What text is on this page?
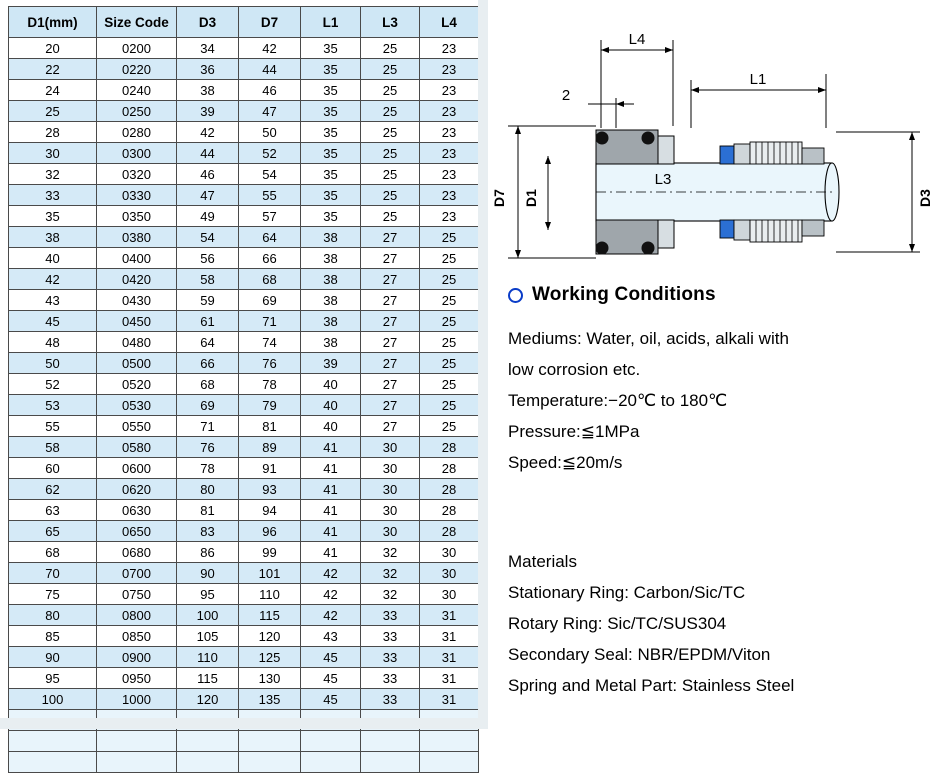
D1(mm)	Size Code	D3	D7	L1	L3	L4
20	0200	34	42	35	25	23
22	0220	36	44	35	25	23
24	0240	38	46	35	25	23
25	0250	39	47	35	25	23
28	0280	42	50	35	25	23
30	0300	44	52	35	25	23
32	0320	46	54	35	25	23
33	0330	47	55	35	25	23
35	0350	49	57	35	25	23
38	0380	54	64	38	27	25
40	0400	56	66	38	27	25
42	0420	58	68	38	27	25
43	0430	59	69	38	27	25
45	0450	61	71	38	27	25
48	0480	64	74	38	27	25
50	0500	66	76	39	27	25
52	0520	68	78	40	27	25
53	0530	69	79	40	27	25
55	0550	71	81	40	27	25
58	0580	76	89	41	30	28
60	0600	78	91	41	30	28
62	0620	80	93	41	30	28
63	0630	81	94	41	30	28
65	0650	83	96	41	30	28
68	0680	86	99	41	32	30
70	0700	90	101	42	32	30
75	0750	95	110	42	32	30
80	0800	100	115	42	33	31
85	0850	105	120	43	33	31
90	0900	110	125	45	33	31
95	0950	115	130	45	33	31
100	1000	120	135	45	33	31

L4
L1
2
L3
D7 D1	D3
Working Conditions
Mediums: Water, oil, acids, alkali with
low corrosion etc.
Temperature:−20℃ to 180℃
Pressure:≦1MPa
Speed:≦20m/s
Materials
Stationary Ring: Carbon/Sic/TC
Rotary Ring: Sic/TC/SUS304
Secondary Seal: NBR/EPDM/Viton
Spring and Metal Part: Stainless Steel
